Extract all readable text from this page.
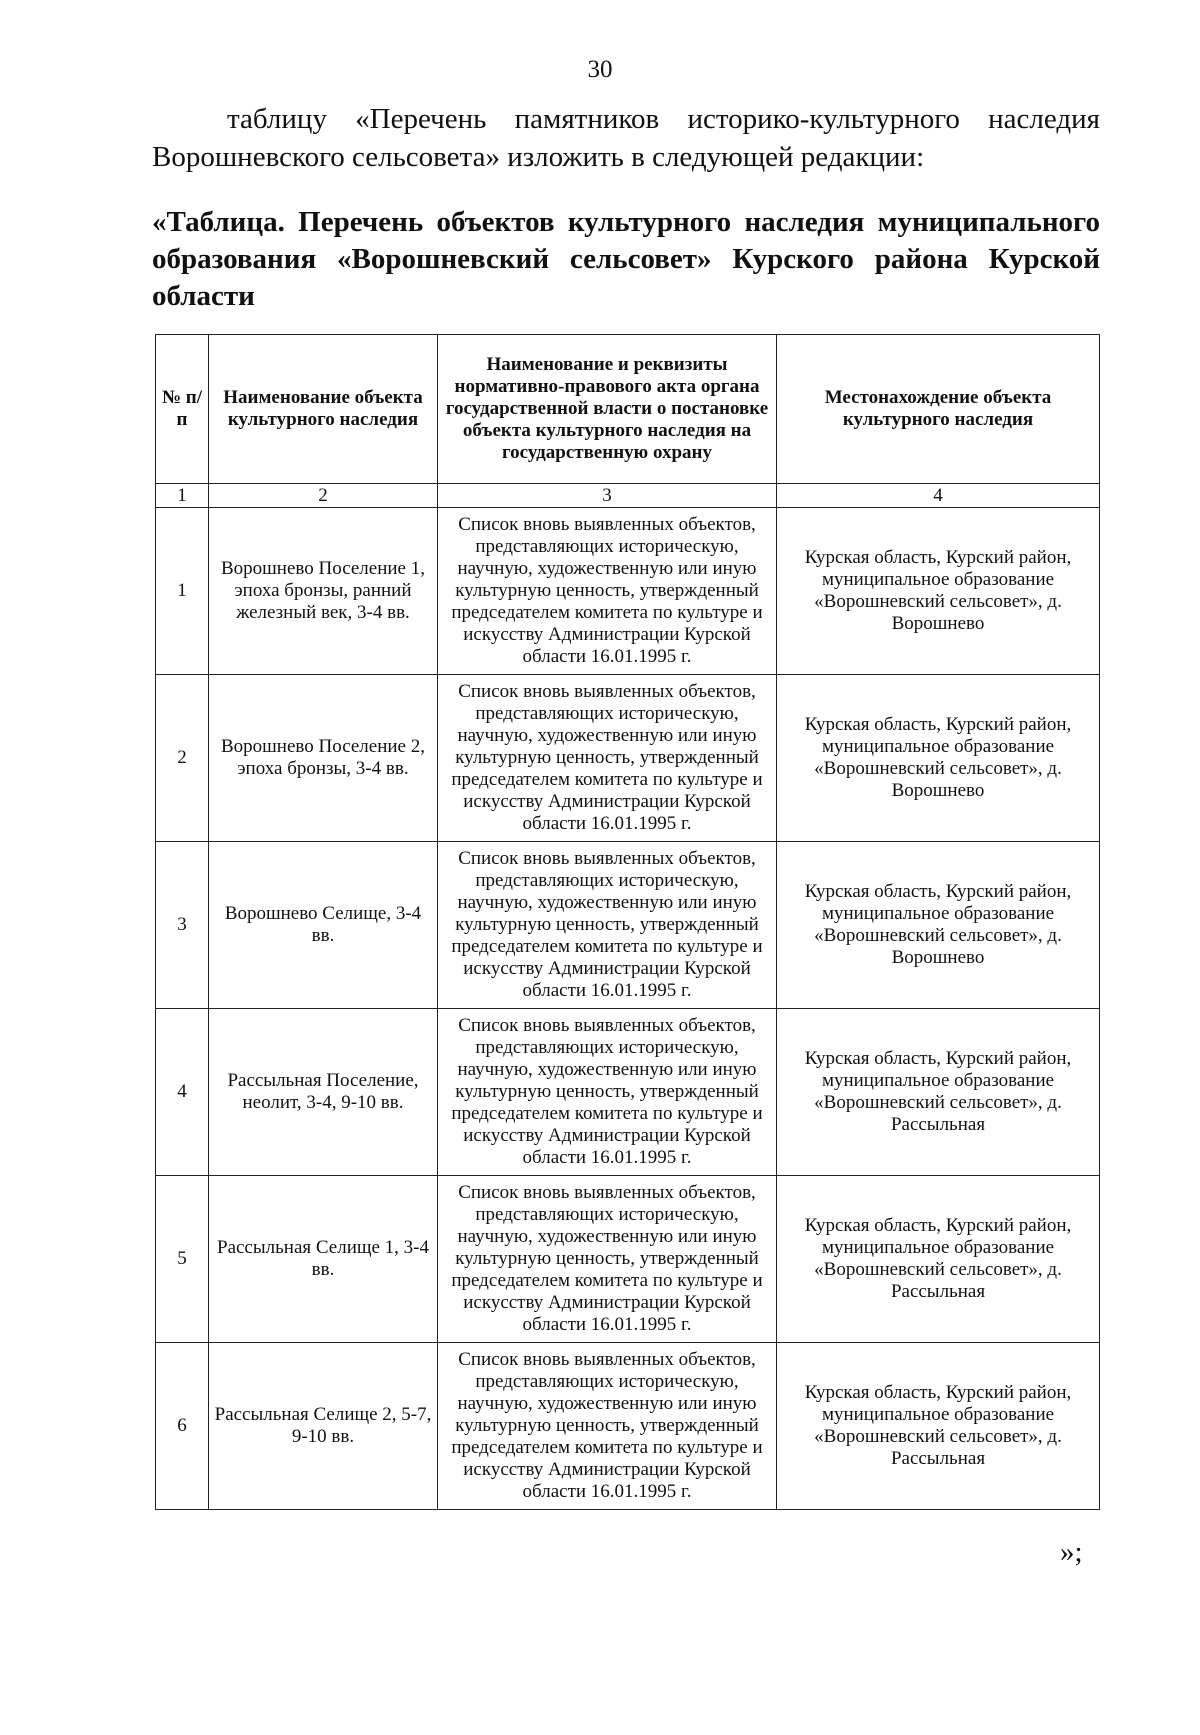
30
таблицу «Перечень памятников историко-культурного наследия Ворошневского сельсовета» изложить в следующей редакции:
«Таблица. Перечень объектов культурного наследия муниципального образования «Ворошневский сельсовет» Курского района Курской области
№ п/п	Наименование объекта культурного наследия	Наименование и реквизиты нормативно-правового акта органа государственной власти о постановке объекта культурного наследия на государственную охрану	Местонахождение объекта культурного наследия
1	2	3	4
1	Ворошнево Поселение 1, эпоха бронзы, ранний железный век, 3-4 вв.	Список вновь выявленных объектов, представляющих историческую, научную, художественную или иную культурную ценность, утвержденный председателем комитета по культуре и искусству Администрации Курской области 16.01.1995 г.	Курская область, Курский район, муниципальное образование «Ворошневский сельсовет», д. Ворошнево
2	Ворошнево Поселение 2, эпоха бронзы, 3-4 вв.	Список вновь выявленных объектов, представляющих историческую, научную, художественную или иную культурную ценность, утвержденный председателем комитета по культуре и искусству Администрации Курской области 16.01.1995 г.	Курская область, Курский район, муниципальное образование «Ворошневский сельсовет», д. Ворошнево
3	Ворошнево Селище, 3-4 вв.	Список вновь выявленных объектов, представляющих историческую, научную, художественную или иную культурную ценность, утвержденный председателем комитета по культуре и искусству Администрации Курской области 16.01.1995 г.	Курская область, Курский район, муниципальное образование «Ворошневский сельсовет», д. Ворошнево
4	Рассыльная Поселение, неолит, 3-4, 9-10 вв.	Список вновь выявленных объектов, представляющих историческую, научную, художественную или иную культурную ценность, утвержденный председателем комитета по культуре и искусству Администрации Курской области 16.01.1995 г.	Курская область, Курский район, муниципальное образование «Ворошневский сельсовет», д. Рассыльная
5	Рассыльная Селище 1, 3-4 вв.	Список вновь выявленных объектов, представляющих историческую, научную, художественную или иную культурную ценность, утвержденный председателем комитета по культуре и искусству Администрации Курской области 16.01.1995 г.	Курская область, Курский район, муниципальное образование «Ворошневский сельсовет», д. Рассыльная
6	Рассыльная Селище 2, 5-7, 9-10 вв.	Список вновь выявленных объектов, представляющих историческую, научную, художественную или иную культурную ценность, утвержденный председателем комитета по культуре и искусству Администрации Курской области 16.01.1995 г.	Курская область, Курский район, муниципальное образование «Ворошневский сельсовет», д. Рассыльная
»;
